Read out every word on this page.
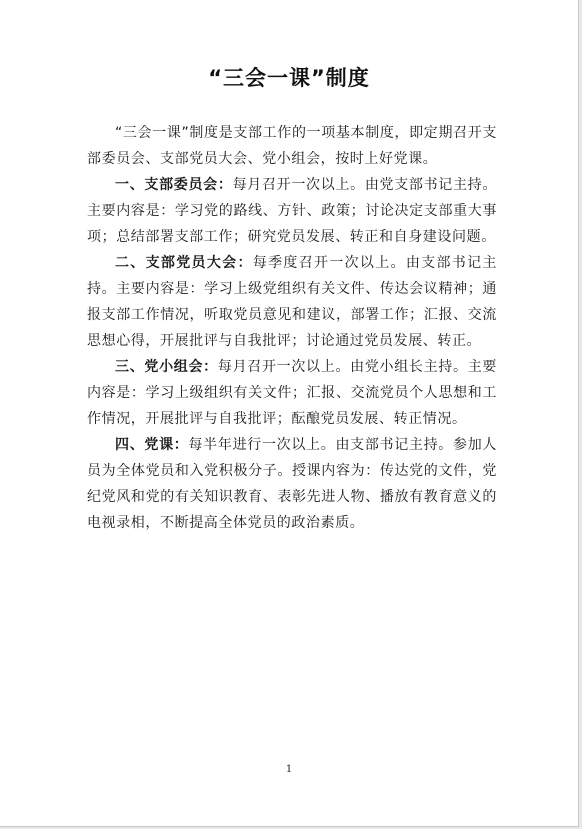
“三会一课”制度

“三会一课”制度是支部工作的一项基本制度，即定期召开支部委员会、支部党员大会、党小组会，按时上好党课。

一、支部委员会：每月召开一次以上。由党支部书记主持。主要内容是：学习党的路线、方针、政策；讨论决定支部重大事项；总结部署支部工作；研究党员发展、转正和自身建设问题。

二、支部党员大会：每季度召开一次以上。由支部书记主持。主要内容是：学习上级党组织有关文件、传达会议精神；通报支部工作情况，听取党员意见和建议，部署工作；汇报、交流思想心得，开展批评与自我批评；讨论通过党员发展、转正。

三、党小组会：每月召开一次以上。由党小组长主持。主要内容是：学习上级组织有关文件；汇报、交流党员个人思想和工作情况，开展批评与自我批评；酝酿党员发展、转正情况。

四、党课：每半年进行一次以上。由支部书记主持。参加人员为全体党员和入党积极分子。授课内容为：传达党的文件，党纪党风和党的有关知识教育、表彰先进人物、播放有教育意义的电视录相，不断提高全体党员的政治素质。

1
